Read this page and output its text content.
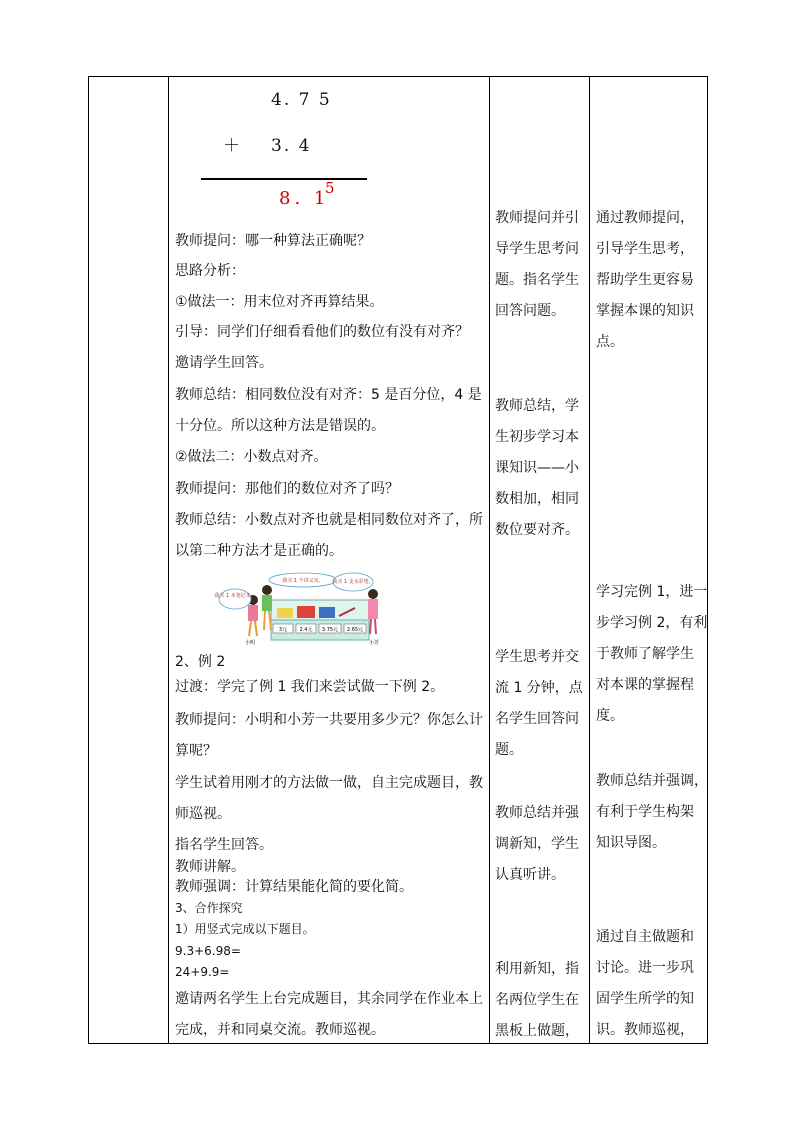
4. 7 5
＋ 3. 4
8. 1
5
教师提问：哪一种算法正确呢？
思路分析：
①做法一：用末位对齐再算结果。
引导：同学们仔细看看他们的数位有没有对齐？
邀请学生回答。
教师总结：相同数位没有对齐：5 是百分位，4 是
十分位。所以这种方法是错误的。
②做法二：小数点对齐。
教师提问：那他们的数位对齐了吗？
教师总结：小数点对齐也就是相同数位对齐了，所
以第二种方法才是正确的。
3元 2.4元 3.75元 2.65元
我买 1 本笔记本。
我买 1 个讲义夹。 我买 1 支水彩笔。
小明	小芳
2、例 2
过渡：学完了例 1 我们来尝试做一下例 2。
教师提问：小明和小芳一共要用多少元？你怎么计
算呢？
学生试着用刚才的方法做一做，自主完成题目，教
师巡视。
指名学生回答。
教师讲解。
教师强调：计算结果能化简的要化简。
3、合作探究
1）用竖式完成以下题目。
9.3+6.98=
24+9.9=
邀请两名学生上台完成题目，其余同学在作业本上
完成，并和同桌交流。教师巡视。
教师提问并引
导学生思考问
题。指名学生
回答问题。
教师总结，学
生初步学习本
课知识——小
数相加，相同
数位要对齐。
学生思考并交
流 1 分钟，点
名学生回答问
题。
教师总结并强
调新知，学生
认真听讲。
利用新知，指
名两位学生在
黑板上做题，
通过教师提问，
引导学生思考，
帮助学生更容易
掌握本课的知识
点。
学习完例 1，进一
步学习例 2，有利
于教师了解学生
对本课的掌握程
度。
教师总结并强调，
有利于学生构架
知识导图。
通过自主做题和
讨论。进一步巩
固学生所学的知
识。教师巡视，
